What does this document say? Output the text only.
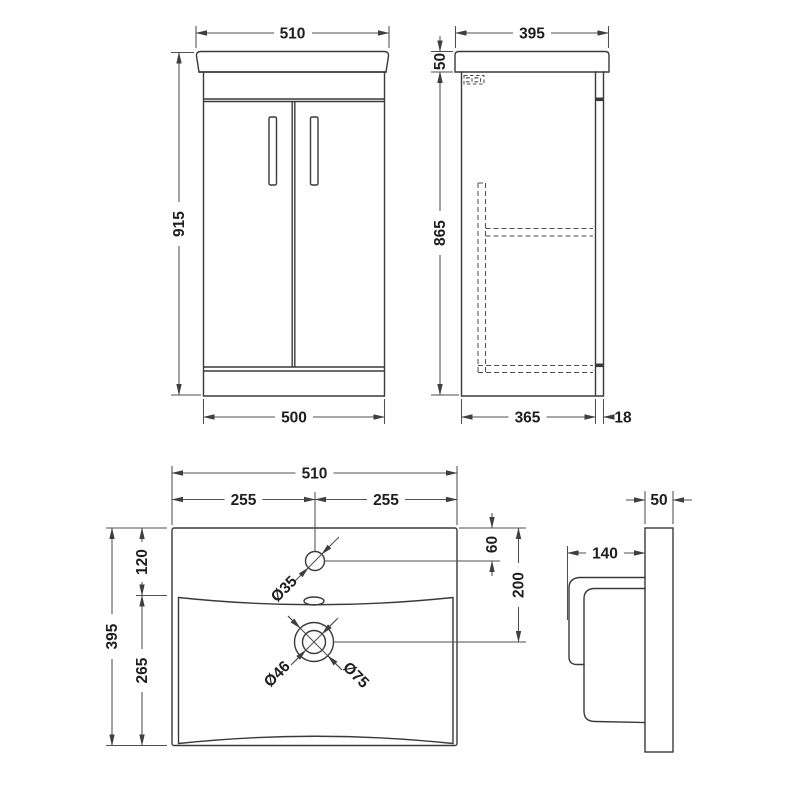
510
915
500
395
50
865
365	18
Ø35
Ø46	Ø75
510
255	255
120
265
395
60
200
50
140
